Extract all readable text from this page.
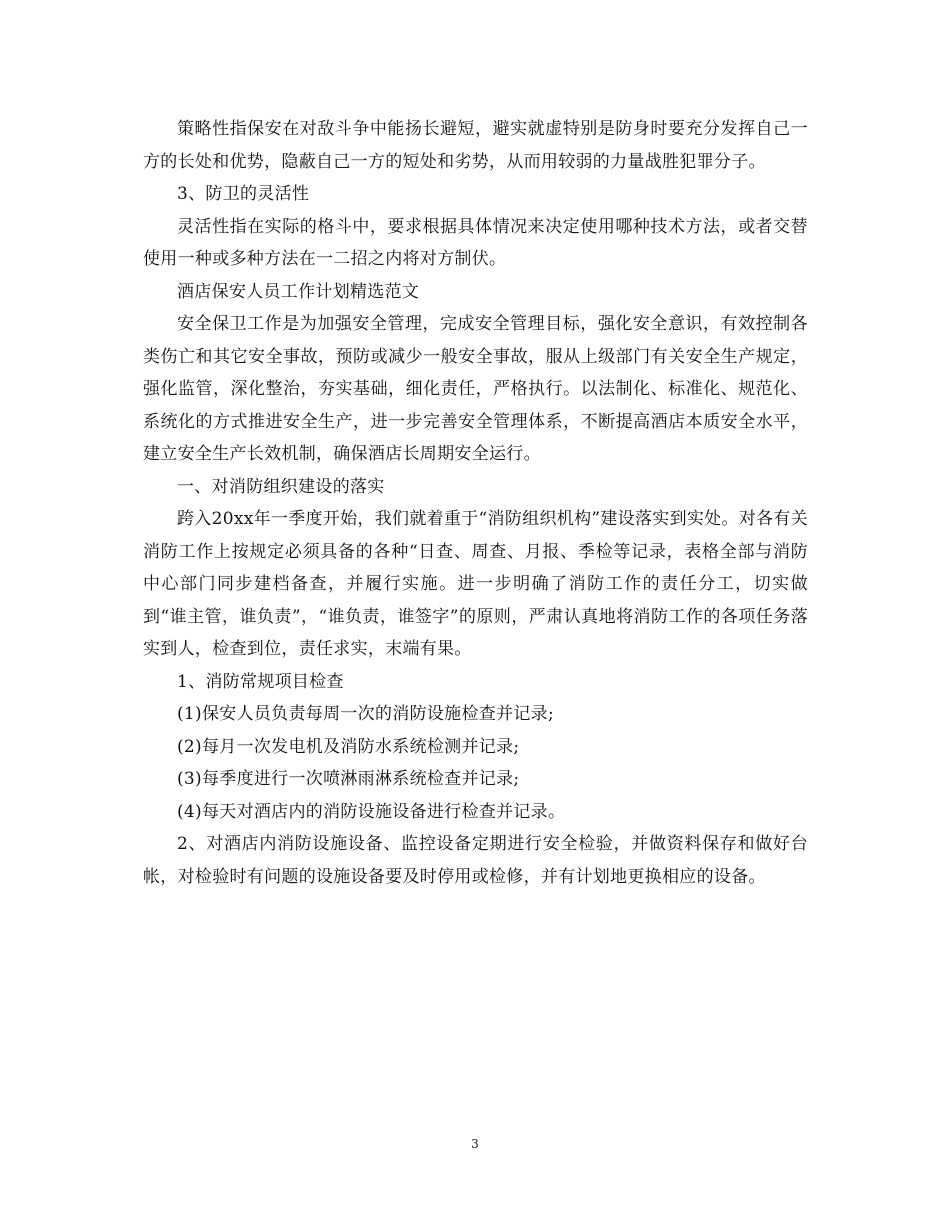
策略性指保安在对敌斗争中能扬长避短，避实就虚特别是防身时要充分发挥自己一方的长处和优势，隐蔽自己一方的短处和劣势，从而用较弱的力量战胜犯罪分子。

3、防卫的灵活性

灵活性指在实际的格斗中，要求根据具体情况来决定使用哪种技术方法，或者交替使用一种或多种方法在一二招之内将对方制伏。

酒店保安人员工作计划精选范文

安全保卫工作是为加强安全管理，完成安全管理目标，强化安全意识，有效控制各类伤亡和其它安全事故，预防或减少一般安全事故，服从上级部门有关安全生产规定，强化监管，深化整治，夯实基础，细化责任，严格执行。以法制化、标准化、规范化、系统化的方式推进安全生产，进一步完善安全管理体系，不断提高酒店本质安全水平，建立安全生产长效机制，确保酒店长周期安全运行。

一、对消防组织建设的落实

跨入20xx年一季度开始，我们就着重于“消防组织机构”建设落实到实处。对各有关消防工作上按规定必须具备的各种“日查、周查、月报、季检等记录，表格全部与消防中心部门同步建档备查，并履行实施。进一步明确了消防工作的责任分工，切实做到“谁主管，谁负责”，“谁负责，谁签字”的原则，严肃认真地将消防工作的各项任务落实到人，检查到位，责任求实，末端有果。

1、消防常规项目检查

(1)保安人员负责每周一次的消防设施检查并记录;

(2)每月一次发电机及消防水系统检测并记录;

(3)每季度进行一次喷淋雨淋系统检查并记录;

(4)每天对酒店内的消防设施设备进行检查并记录。

2、对酒店内消防设施设备、监控设备定期进行安全检验，并做资料保存和做好台帐，对检验时有问题的设施设备要及时停用或检修，并有计划地更换相应的设备。

3
